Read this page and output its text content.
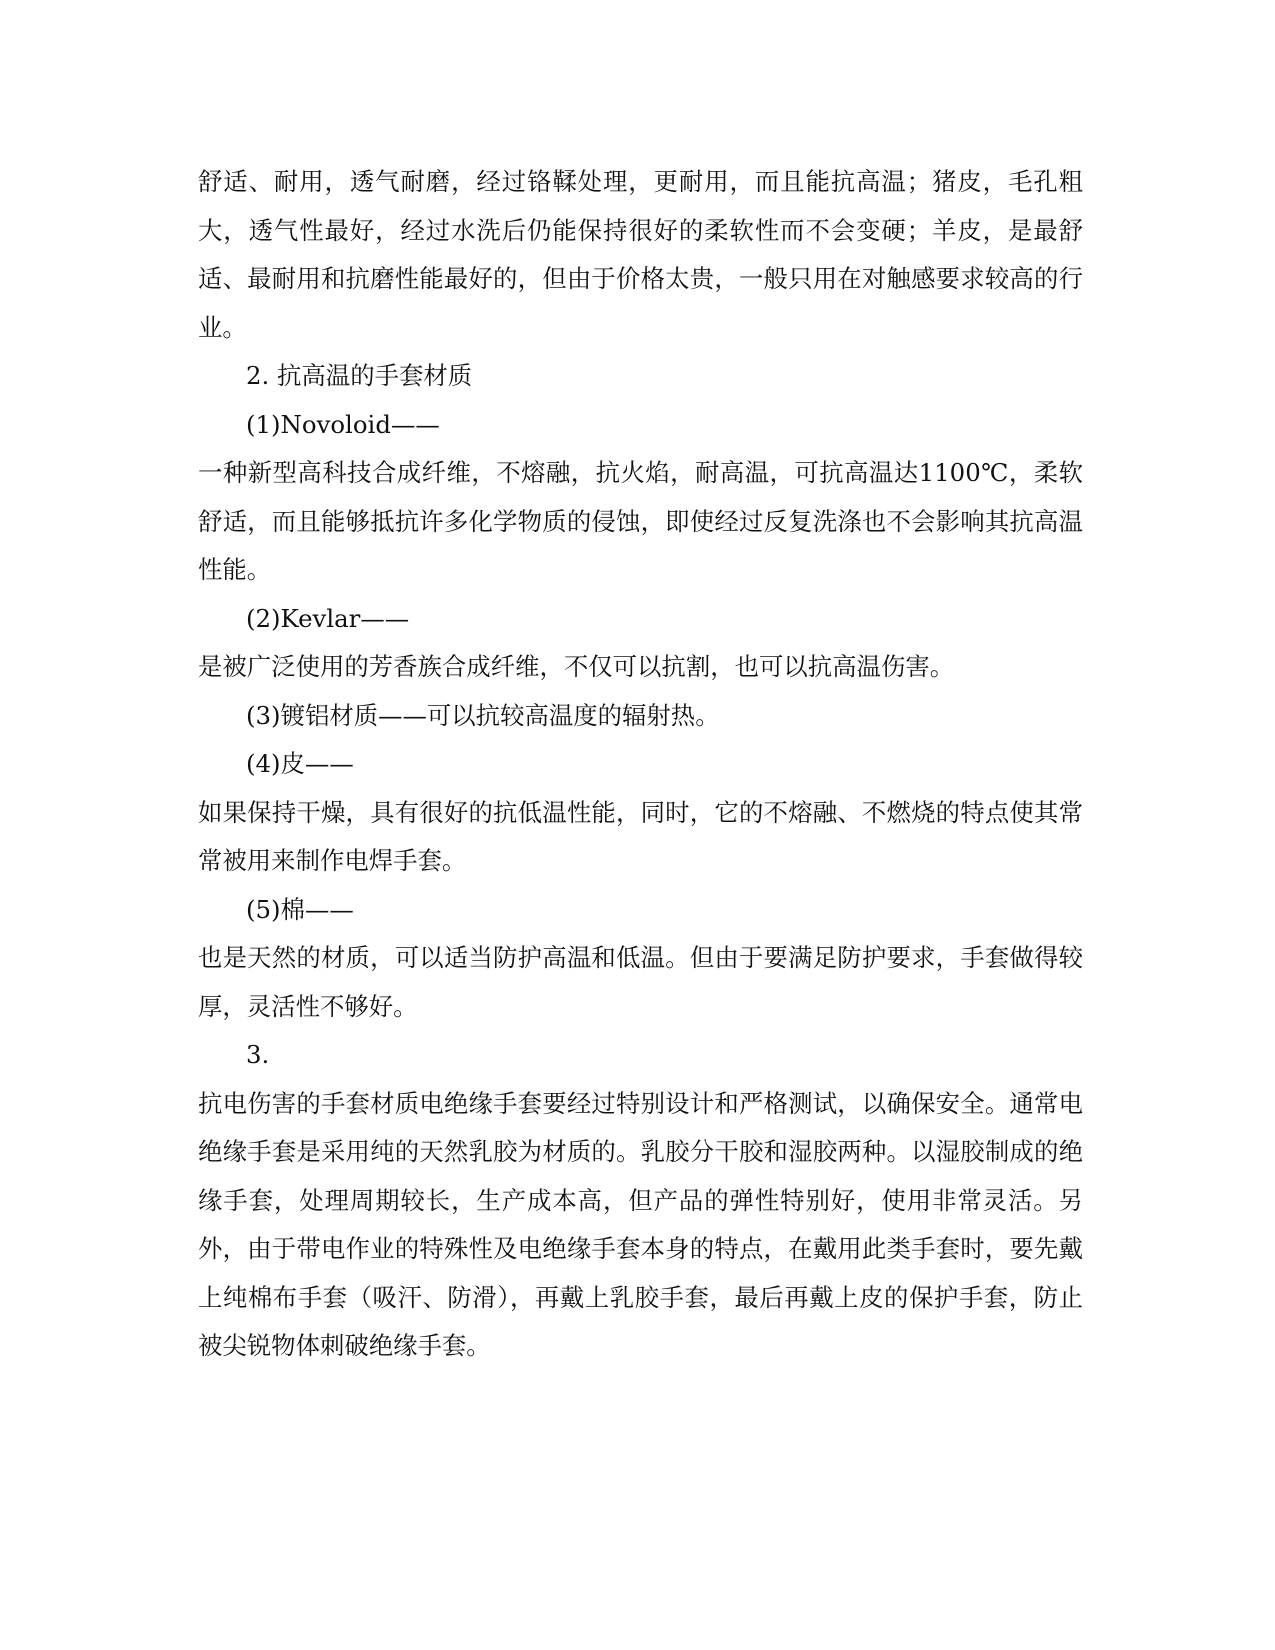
舒适、耐用，透气耐磨，经过铬鞣处理，更耐用，而且能抗高温；猪皮，毛孔粗大，透气性最好，经过水洗后仍能保持很好的柔软性而不会变硬；羊皮，是最舒适、最耐用和抗磨性能最好的，但由于价格太贵，一般只用在对触感要求较高的行业。

2. 抗高温的手套材质

(1)Novoloid——

一种新型高科技合成纤维，不熔融，抗火焰，耐高温，可抗高温达1100℃，柔软舒适，而且能够抵抗许多化学物质的侵蚀，即使经过反复洗涤也不会影响其抗高温性能。

(2)Kevlar——

是被广泛使用的芳香族合成纤维，不仅可以抗割，也可以抗高温伤害。

(3)镀铝材质——可以抗较高温度的辐射热。

(4)皮——

如果保持干燥，具有很好的抗低温性能，同时，它的不熔融、不燃烧的特点使其常常被用来制作电焊手套。

(5)棉——

也是天然的材质，可以适当防护高温和低温。但由于要满足防护要求，手套做得较厚，灵活性不够好。

3.

抗电伤害的手套材质电绝缘手套要经过特别设计和严格测试，以确保安全。通常电绝缘手套是采用纯的天然乳胶为材质的。乳胶分干胶和湿胶两种。以湿胶制成的绝缘手套，处理周期较长，生产成本高，但产品的弹性特别好，使用非常灵活。另外，由于带电作业的特殊性及电绝缘手套本身的特点，在戴用此类手套时，要先戴上纯棉布手套（吸汗、防滑），再戴上乳胶手套，最后再戴上皮的保护手套，防止被尖锐物体刺破绝缘手套。
